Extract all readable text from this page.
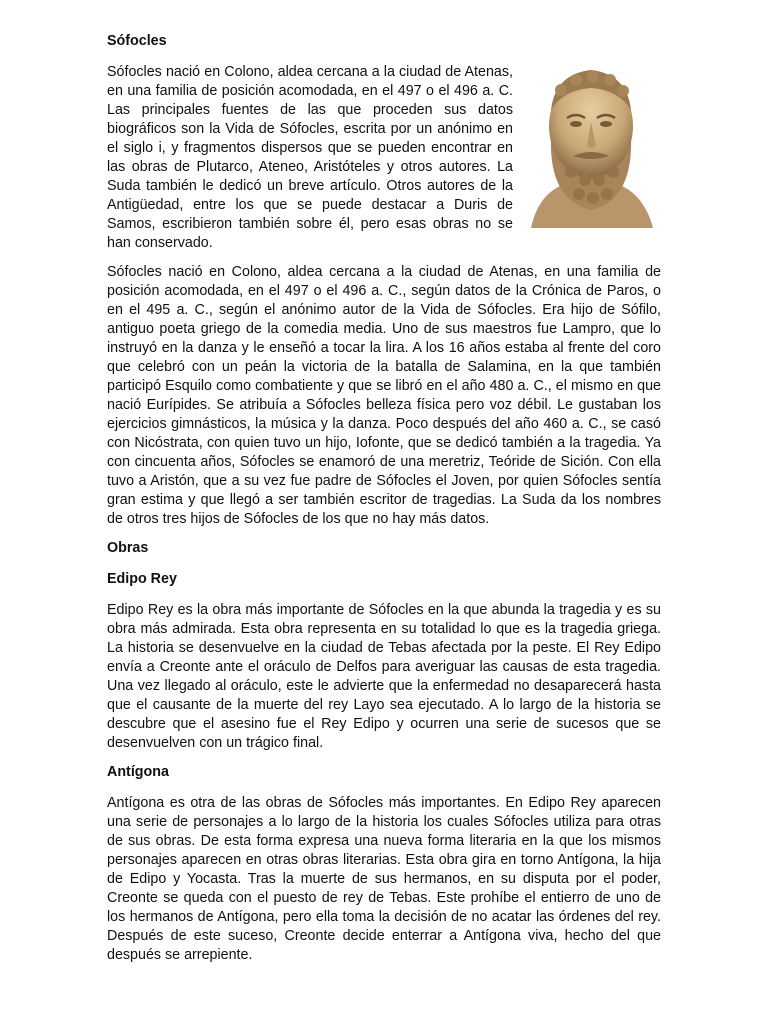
Sófocles

Sófocles nació en Colono, aldea cercana a la ciudad de Atenas, en una familia de posición acomodada, en el 497 o el 496 a. C. Las principales fuentes de las que proceden sus datos biográficos son la Vida de Sófocles, escrita por un anónimo en el siglo i, y fragmentos dispersos que se pueden encontrar en las obras de Plutarco, Ateneo, Aristóteles y otros autores. La Suda también le dedicó un breve artículo. Otros autores de la Antigüedad, entre los que se puede destacar a Duris de Samos, escribieron también sobre él, pero esas obras no se han conservado.

Sófocles nació en Colono, aldea cercana a la ciudad de Atenas, en una familia de posición acomodada, en el 497 o el 496 a. C., según datos de la Crónica de Paros, o en el 495 a. C., según el anónimo autor de la Vida de Sófocles. Era hijo de Sófilo, antiguo poeta griego de la comedia media. Uno de sus maestros fue Lampro, que lo instruyó en la danza y le enseñó a tocar la lira. A los 16 años estaba al frente del coro que celebró con un peán la victoria de la batalla de Salamina, en la que también participó Esquilo como combatiente y que se libró en el año 480 a. C., el mismo en que nació Eurípides. Se atribuía a Sófocles belleza física pero voz débil. Le gustaban los ejercicios gimnásticos, la música y la danza. Poco después del año 460 a. C., se casó con Nicóstrata, con quien tuvo un hijo, Iofonte, que se dedicó también a la tragedia. Ya con cincuenta años, Sófocles se enamoró de una meretriz, Teóride de Sición. Con ella tuvo a Aristón, que a su vez fue padre de Sófocles el Joven, por quien Sófocles sentía gran estima y que llegó a ser también escritor de tragedias. La Suda da los nombres de otros tres hijos de Sófocles de los que no hay más datos.

Obras
Edipo Rey

Edipo Rey es la obra más importante de Sófocles en la que abunda la tragedia y es su obra más admirada. Esta obra representa en su totalidad lo que es la tragedia griega. La historia se desenvuelve en la ciudad de Tebas afectada por la peste. El Rey Edipo envía a Creonte ante el oráculo de Delfos para averiguar las causas de esta tragedia. Una vez llegado al oráculo, este le advierte que la enfermedad no desaparecerá hasta que el causante de la muerte del rey Layo sea ejecutado. A lo largo de la historia se descubre que el asesino fue el Rey Edipo y ocurren una serie de sucesos que se desenvuelven con un trágico final.

Antígona

Antígona es otra de las obras de Sófocles más importantes. En Edipo Rey aparecen una serie de personajes a lo largo de la historia los cuales Sófocles utiliza para otras de sus obras. De esta forma expresa una nueva forma literaria en la que los mismos personajes aparecen en otras obras literarias. Esta obra gira en torno Antígona, la hija de Edipo y Yocasta. Tras la muerte de sus hermanos, en su disputa por el poder, Creonte se queda con el puesto de rey de Tebas. Este prohíbe el entierro de uno de los hermanos de Antígona, pero ella toma la decisión de no acatar las órdenes del rey. Después de este suceso, Creonte decide enterrar a Antígona viva, hecho del que después se arrepiente.
